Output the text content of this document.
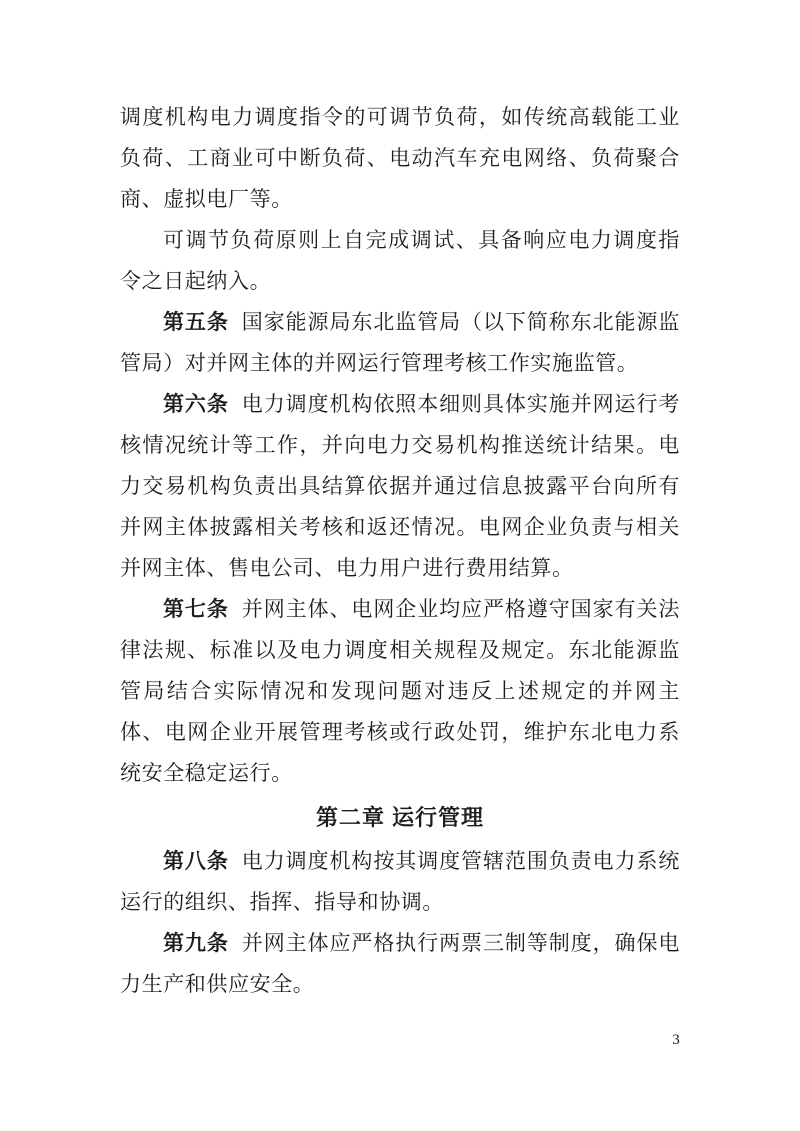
调度机构电力调度指令的可调节负荷，如传统高载能工业负荷、工商业可中断负荷、电动汽车充电网络、负荷聚合商、虚拟电厂等。

可调节负荷原则上自完成调试、具备响应电力调度指令之日起纳入。

第五条 国家能源局东北监管局（以下简称东北能源监管局）对并网主体的并网运行管理考核工作实施监管。

第六条 电力调度机构依照本细则具体实施并网运行考核情况统计等工作，并向电力交易机构推送统计结果。电力交易机构负责出具结算依据并通过信息披露平台向所有并网主体披露相关考核和返还情况。电网企业负责与相关并网主体、售电公司、电力用户进行费用结算。

第七条 并网主体、电网企业均应严格遵守国家有关法律法规、标准以及电力调度相关规程及规定。东北能源监管局结合实际情况和发现问题对违反上述规定的并网主体、电网企业开展管理考核或行政处罚，维护东北电力系统安全稳定运行。

第二章 运行管理

第八条 电力调度机构按其调度管辖范围负责电力系统运行的组织、指挥、指导和协调。

第九条 并网主体应严格执行两票三制等制度，确保电力生产和供应安全。

3
